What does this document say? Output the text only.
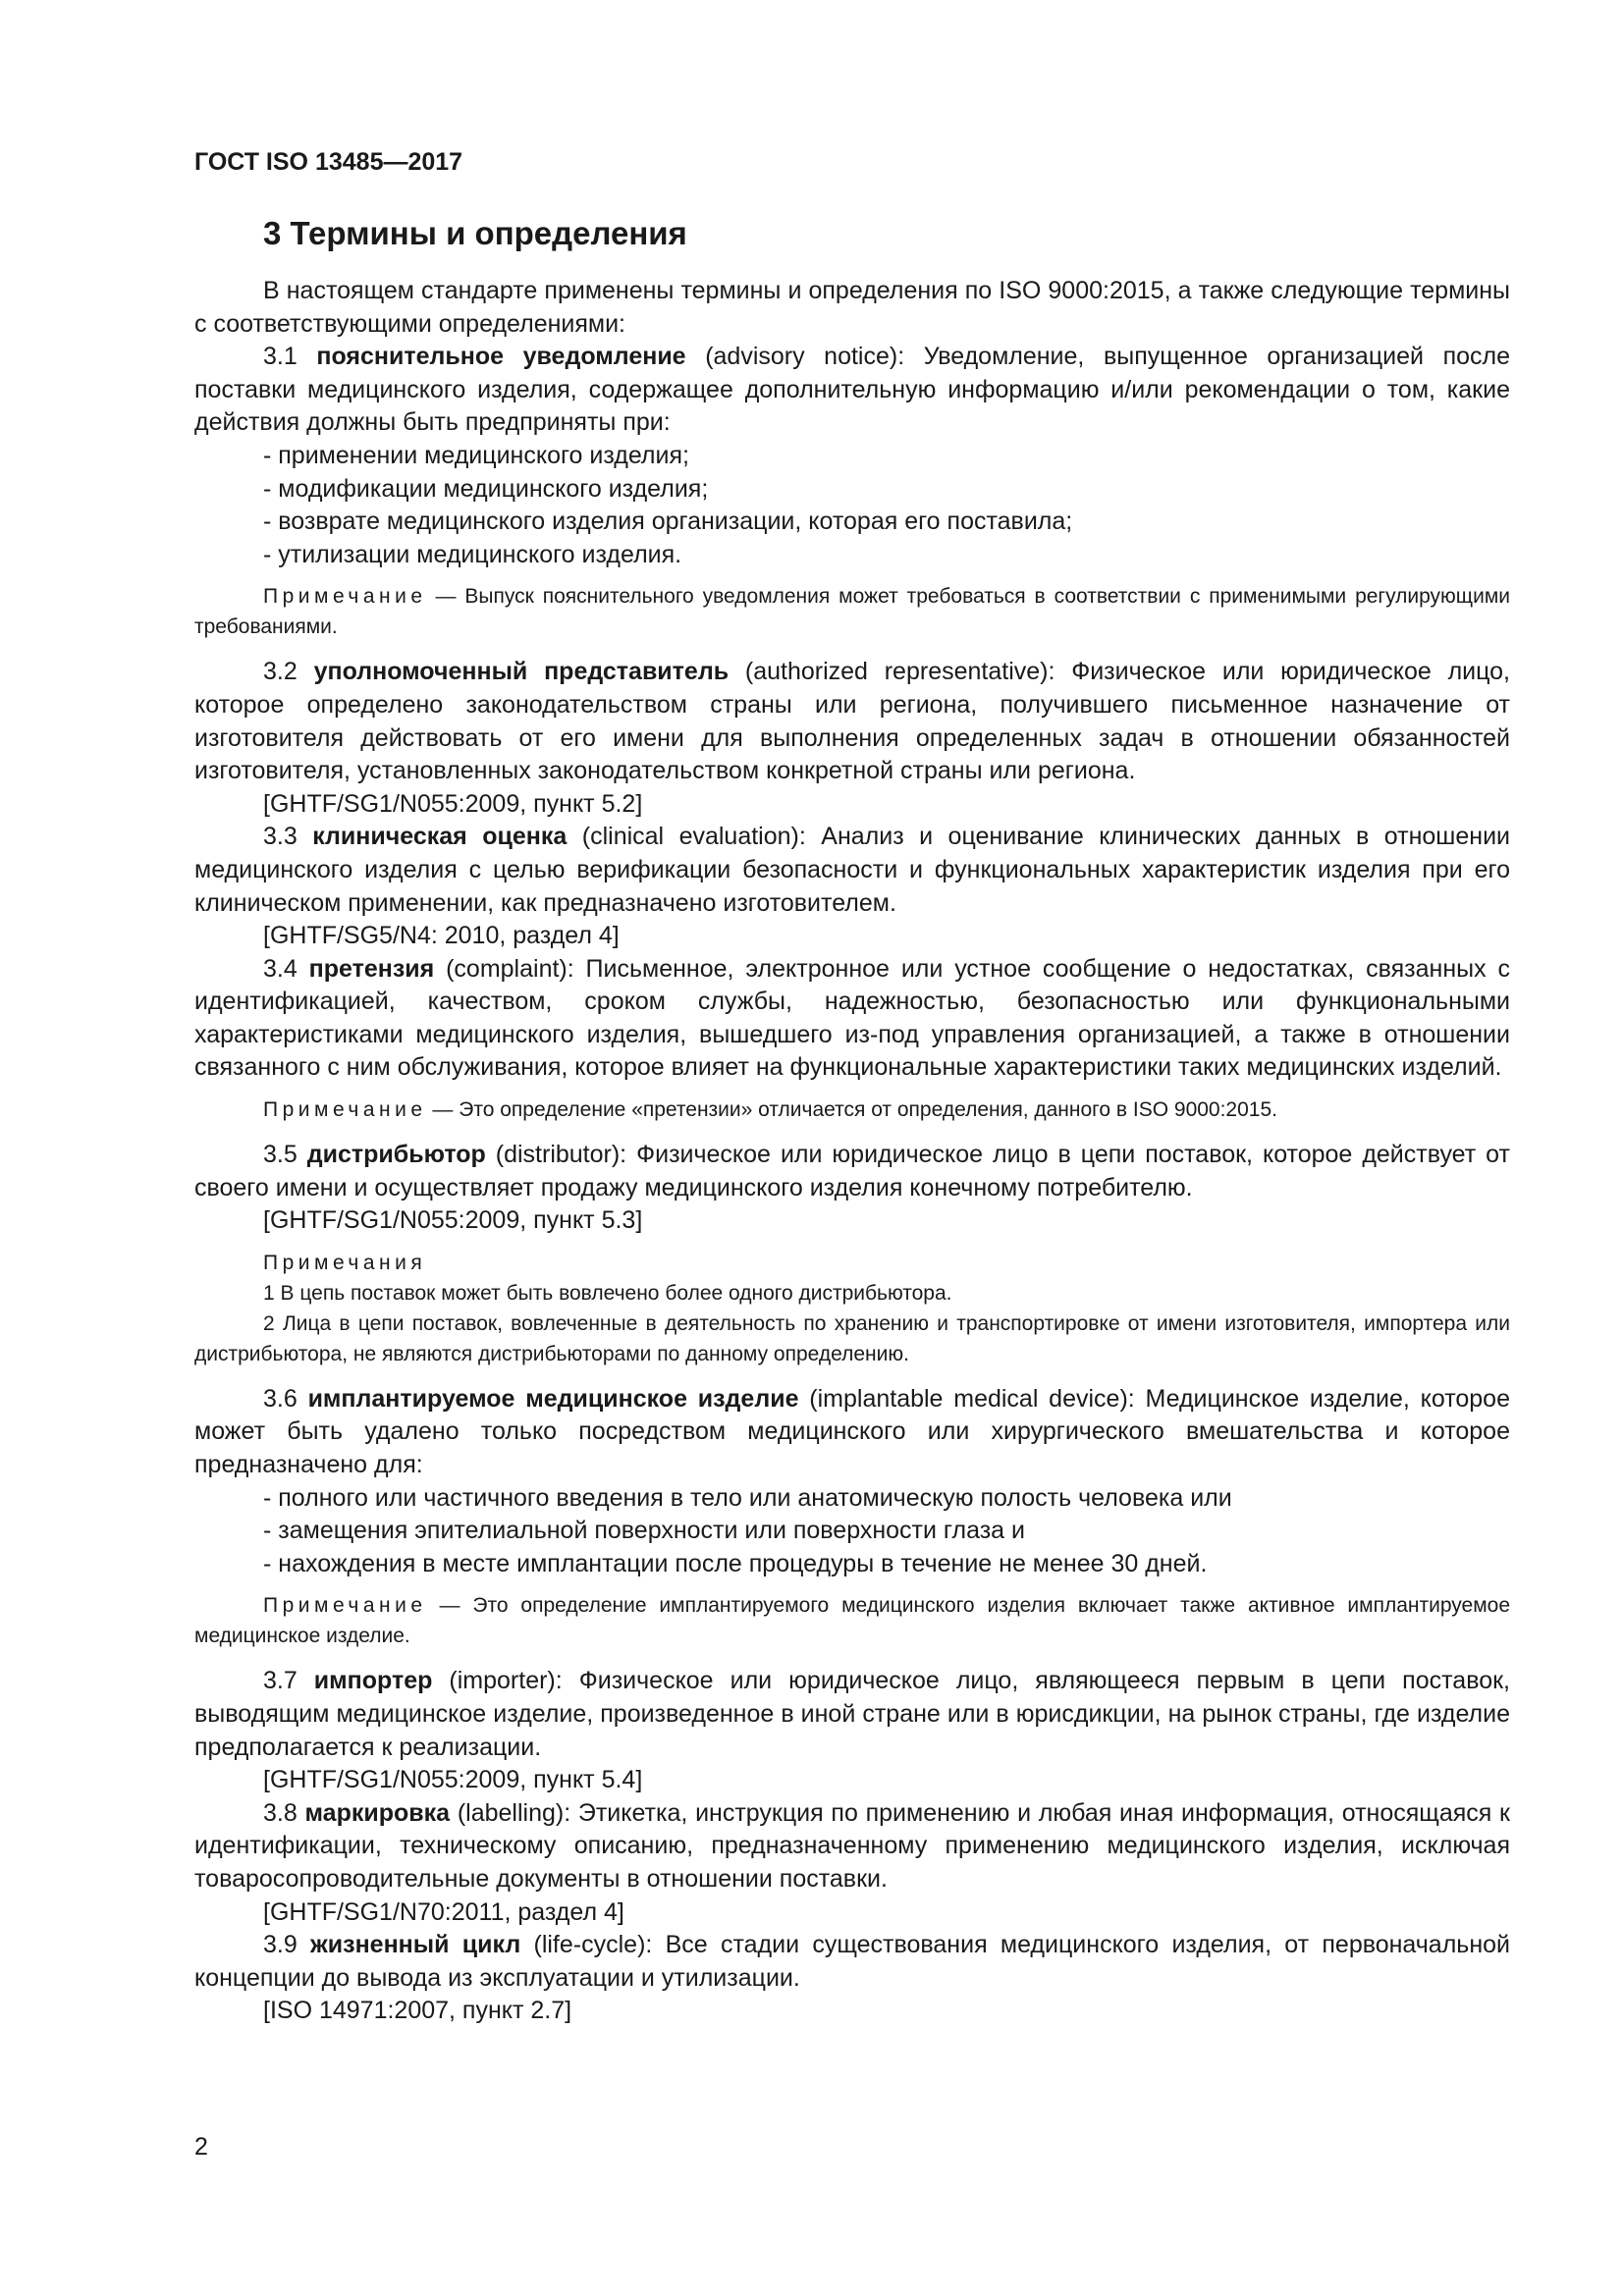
ГОСТ ISO 13485—2017
3 Термины и определения

В настоящем стандарте применены термины и определения по ISO 9000:2015, а также следующие термины с соответствующими определениями:

3.1 пояснительное уведомление (advisory notice): Уведомление, выпущенное организацией после поставки медицинского изделия, содержащее дополнительную информацию и/или рекомендации о том, какие действия должны быть предприняты при:

- применении медицинского изделия;

- модификации медицинского изделия;

- возврате медицинского изделия организации, которая его поставила;

- утилизации медицинского изделия.

Примечание — Выпуск пояснительного уведомления может требоваться в соответствии с применимыми регулирующими требованиями.

3.2 уполномоченный представитель (authorized representative): Физическое или юридическое лицо, которое определено законодательством страны или региона, получившего письменное назначение от изготовителя действовать от его имени для выполнения определенных задач в отношении обязанностей изготовителя, установленных законодательством конкретной страны или региона.

[GHTF/SG1/N055:2009, пункт 5.2]

3.3 клиническая оценка (clinical evaluation): Анализ и оценивание клинических данных в отношении медицинского изделия с целью верификации безопасности и функциональных характеристик изделия при его клиническом применении, как предназначено изготовителем.

[GHTF/SG5/N4: 2010, раздел 4]

3.4 претензия (complaint): Письменное, электронное или устное сообщение о недостатках, связанных с идентификацией, качеством, сроком службы, надежностью, безопасностью или функциональными характеристиками медицинского изделия, вышедшего из-под управления организацией, а также в отношении связанного с ним обслуживания, которое влияет на функциональные характеристики таких медицинских изделий.

Примечание — Это определение «претензии» отличается от определения, данного в ISO 9000:2015.

3.5 дистрибьютор (distributor): Физическое или юридическое лицо в цепи поставок, которое действует от своего имени и осуществляет продажу медицинского изделия конечному потребителю.

[GHTF/SG1/N055:2009, пункт 5.3]

Примечания

1 В цепь поставок может быть вовлечено более одного дистрибьютора.

2 Лица в цепи поставок, вовлеченные в деятельность по хранению и транспортировке от имени изготовителя, импортера или дистрибьютора, не являются дистрибьюторами по данному определению.

3.6 имплантируемое медицинское изделие (implantable medical device): Медицинское изделие, которое может быть удалено только посредством медицинского или хирургического вмешательства и которое предназначено для:

- полного или частичного введения в тело или анатомическую полость человека или

- замещения эпителиальной поверхности или поверхности глаза и

- нахождения в месте имплантации после процедуры в течение не менее 30 дней.

Примечание — Это определение имплантируемого медицинского изделия включает также активное имплантируемое медицинское изделие.

3.7 импортер (importer): Физическое или юридическое лицо, являющееся первым в цепи поставок, выводящим медицинское изделие, произведенное в иной стране или в юрисдикции, на рынок страны, где изделие предполагается к реализации.

[GHTF/SG1/N055:2009, пункт 5.4]

3.8 маркировка (labelling): Этикетка, инструкция по применению и любая иная информация, относящаяся к идентификации, техническому описанию, предназначенному применению медицинского изделия, исключая товаросопроводительные документы в отношении поставки.

[GHTF/SG1/N70:2011, раздел 4]

3.9 жизненный цикл (life-cycle): Все стадии существования медицинского изделия, от первоначальной концепции до вывода из эксплуатации и утилизации.

[ISO 14971:2007, пункт 2.7]

2
